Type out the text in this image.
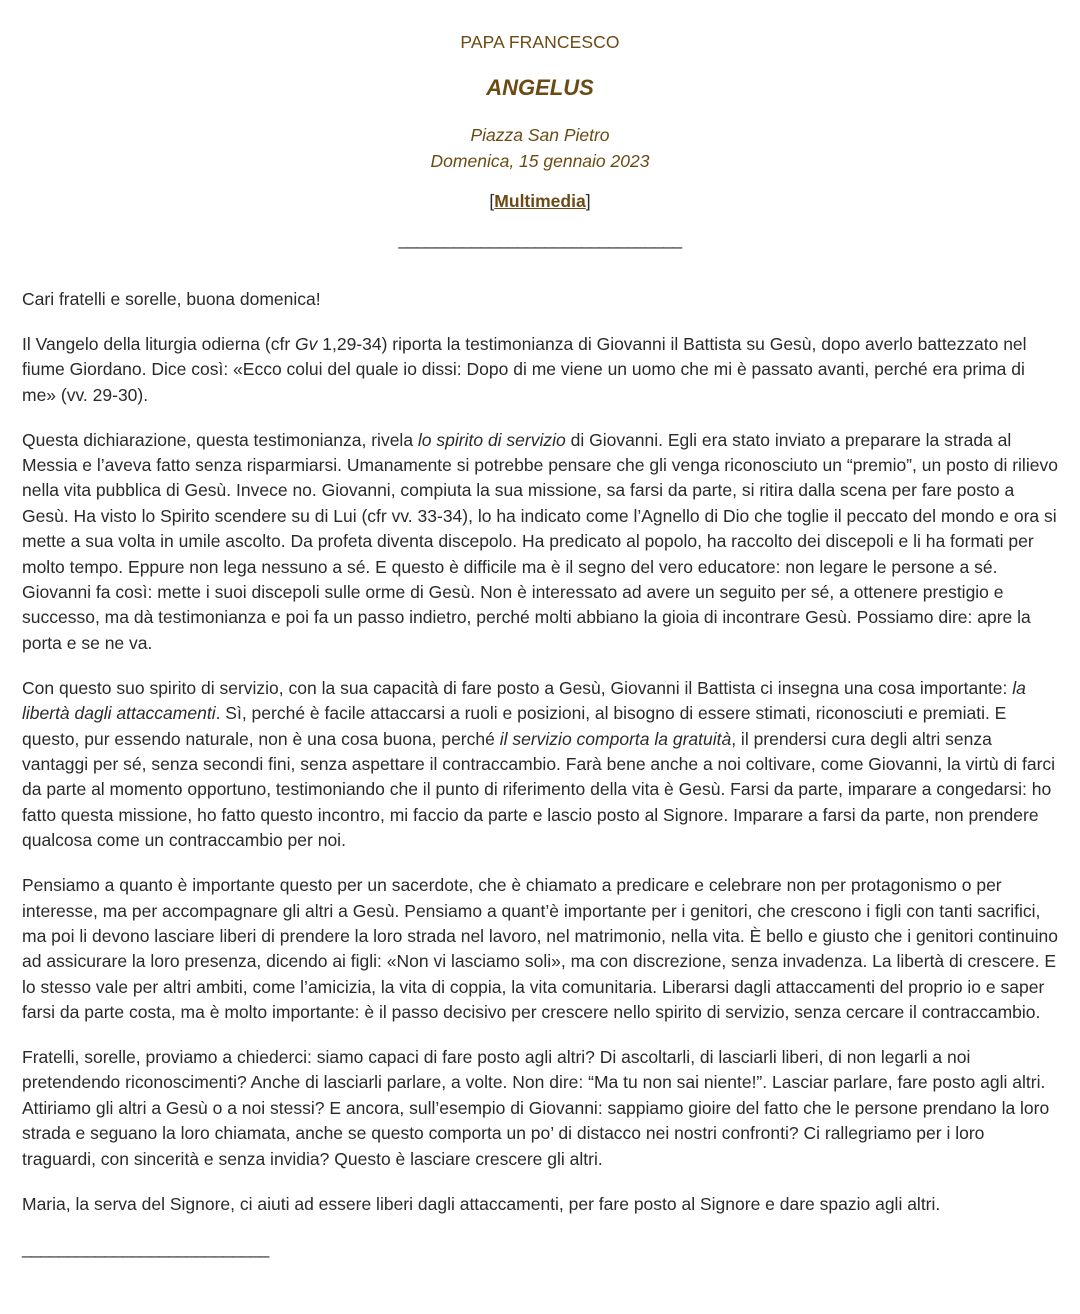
PAPA FRANCESCO
ANGELUS
Piazza San Pietro
Domenica, 15 gennaio 2023
[Multimedia]
_______________________________

Cari fratelli e sorelle, buona domenica!

Il Vangelo della liturgia odierna (cfr Gv 1,29-34) riporta la testimonianza di Giovanni il Battista su Gesù, dopo averlo battezzato nel fiume Giordano. Dice così: «Ecco colui del quale io dissi: Dopo di me viene un uomo che mi è passato avanti, perché era prima di me» (vv. 29-30).

Questa dichiarazione, questa testimonianza, rivela lo spirito di servizio di Giovanni. Egli era stato inviato a preparare la strada al Messia e l’aveva fatto senza risparmiarsi. Umanamente si potrebbe pensare che gli venga riconosciuto un “premio”, un posto di rilievo nella vita pubblica di Gesù. Invece no. Giovanni, compiuta la sua missione, sa farsi da parte, si ritira dalla scena per fare posto a Gesù. Ha visto lo Spirito scendere su di Lui (cfr vv. 33-34), lo ha indicato come l’Agnello di Dio che toglie il peccato del mondo e ora si mette a sua volta in umile ascolto. Da profeta diventa discepolo. Ha predicato al popolo, ha raccolto dei discepoli e li ha formati per molto tempo. Eppure non lega nessuno a sé. E questo è difficile ma è il segno del vero educatore: non legare le persone a sé. Giovanni fa così: mette i suoi discepoli sulle orme di Gesù. Non è interessato ad avere un seguito per sé, a ottenere prestigio e successo, ma dà testimonianza e poi fa un passo indietro, perché molti abbiano la gioia di incontrare Gesù. Possiamo dire: apre la porta e se ne va.

Con questo suo spirito di servizio, con la sua capacità di fare posto a Gesù, Giovanni il Battista ci insegna una cosa importante: la libertà dagli attaccamenti. Sì, perché è facile attaccarsi a ruoli e posizioni, al bisogno di essere stimati, riconosciuti e premiati. E questo, pur essendo naturale, non è una cosa buona, perché il servizio comporta la gratuità, il prendersi cura degli altri senza vantaggi per sé, senza secondi fini, senza aspettare il contraccambio. Farà bene anche a noi coltivare, come Giovanni, la virtù di farci da parte al momento opportuno, testimoniando che il punto di riferimento della vita è Gesù. Farsi da parte, imparare a congedarsi: ho fatto questa missione, ho fatto questo incontro, mi faccio da parte e lascio posto al Signore. Imparare a farsi da parte, non prendere qualcosa come un contraccambio per noi.

Pensiamo a quanto è importante questo per un sacerdote, che è chiamato a predicare e celebrare non per protagonismo o per interesse, ma per accompagnare gli altri a Gesù. Pensiamo a quant’è importante per i genitori, che crescono i figli con tanti sacrifici, ma poi li devono lasciare liberi di prendere la loro strada nel lavoro, nel matrimonio, nella vita. È bello e giusto che i genitori continuino ad assicurare la loro presenza, dicendo ai figli: «Non vi lasciamo soli», ma con discrezione, senza invadenza. La libertà di crescere. E lo stesso vale per altri ambiti, come l’amicizia, la vita di coppia, la vita comunitaria. Liberarsi dagli attaccamenti del proprio io e saper farsi da parte costa, ma è molto importante: è il passo decisivo per crescere nello spirito di servizio, senza cercare il contraccambio.

Fratelli, sorelle, proviamo a chiederci: siamo capaci di fare posto agli altri? Di ascoltarli, di lasciarli liberi, di non legarli a noi pretendendo riconoscimenti? Anche di lasciarli parlare, a volte. Non dire: “Ma tu non sai niente!”. Lasciar parlare, fare posto agli altri. Attiriamo gli altri a Gesù o a noi stessi? E ancora, sull’esempio di Giovanni: sappiamo gioire del fatto che le persone prendano la loro strada e seguano la loro chiamata, anche se questo comporta un po’ di distacco nei nostri confronti? Ci rallegriamo per i loro traguardi, con sincerità e senza invidia? Questo è lasciare crescere gli altri.

Maria, la serva del Signore, ci aiuti ad essere liberi dagli attaccamenti, per fare posto al Signore e dare spazio agli altri.

___________________________
